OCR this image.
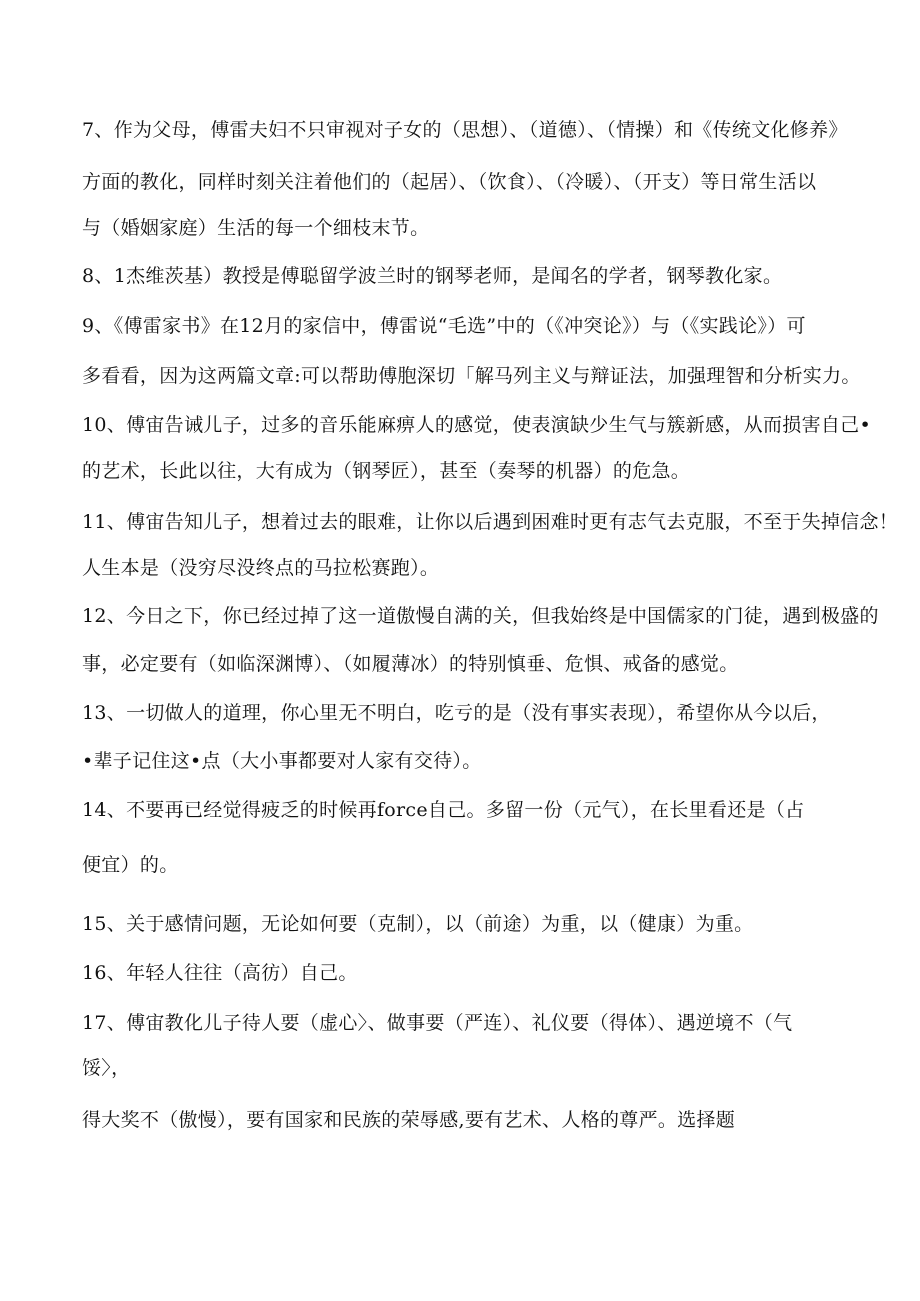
7、作为父母，傅雷夫妇不只审视对子女的（思想）、（道德）、（情操）和《传统文化修养》
方面的教化，同样时刻关注着他们的（起居）、（饮食）、（冷暖）、（开支）等日常生活以
与（婚姻家庭）生活的每一个细枝末节。
8、1杰维茨基）教授是傅聪留学波兰时的钢琴老师，是闻名的学者，钢琴教化家。
9、《傅雷家书》在12月的家信中，傅雷说“毛选”中的（《冲突论》）与（《实践论》）可
多看看，因为这两篇文章:可以帮助傅胞深切「解马列主义与辩证法，加强理智和分析实力。
10、傅宙告诫儿子，过多的音乐能麻痹人的感觉，使表演缺少生气与簇新感，从而损害自己•
的艺术，长此以往，大有成为（钢琴匠），甚至（奏琴的机器）的危急。
11、傅宙告知儿子，想着过去的眼难，让你以后遇到困难时更有志气去克服，不至于失掉信念！
人生本是（没穷尽没终点的马拉松赛跑）。
12、今日之下，你已经过掉了这一道傲慢自满的关，但我始终是中国儒家的门徒，遇到极盛的
事，必定要有（如临深渊博）、（如履薄冰）的特别慎垂、危惧、戒备的感觉。
13、一切做人的道理，你心里无不明白，吃亏的是（没有事实表现），希望你从今以后，
•辈子记住这•点（大小事都要对人家有交待）。
14、不要再已经觉得疲乏的时候再force自己。多留一份（元气），在长里看还是（占
便宜）的。
15、关于感情问题，无论如何要（克制），以（前途）为重，以（健康）为重。
16、年轻人往往（高彷）自己。
17、傅宙教化儿子待人要（虚心〉、做事要（严连）、礼仪要（得体）、遇逆境不（气
馁〉，
得大奖不（傲慢），要有国家和民族的荣辱感,要有艺术、人格的尊严。选择题
